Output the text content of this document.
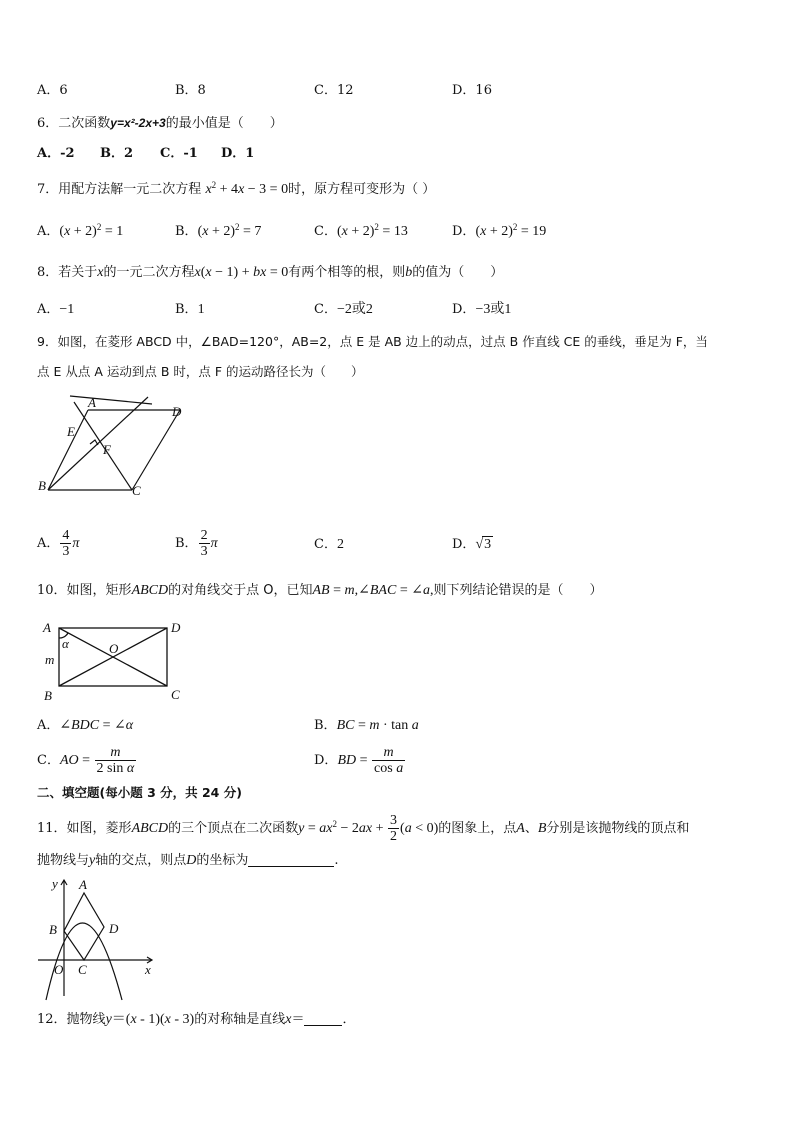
A．6	B．8	C．12	D．16
6．二次函数y=x²-2x+3的最小值是（　　）
A．-2 B．2 C．-1 D．1
7．用配方法解一元二次方程 $x^2 + 4x - 3 = 0$时，原方程可变形为（ ）
A．$(x + 2)^2 = 1$	B．$(x + 2)^2 = 7$	C．$(x + 2)^2 = 13$	D．$(x + 2)^2 = 19$
8．若关于x的一元二次方程x(x − 1) + bx = 0有两个相等的根，则b的值为（　　）
A．−1	B．1	C．−2或2	D．−3或1
9．如图，在菱形 ABCD 中，∠BAD=120°，AB=2，点 E 是 AB 边上的动点，过点 B 作直线 CE 的垂线，垂足为 F，当
点 E 从点 A 运动到点 B 时，点 F 的运动路径长为（　　）
A
D
E
F
B	C
A． $\frac{4}{3}$ π	B． $\frac{2}{3}$ π	C．2	D．√3
10．如图，矩形ABCD的对角线交于点 O，已知AB = m,∠BAC = ∠a,则下列结论错误的是（　　）
A	D
α	O
m
B	C
A．∠BDC = ∠α	B．BC = m · tan a
C．AO = $\frac{m}{\text{2 sin α}}$	D．BD = $\frac{m}{\text{cos a}}$
二、填空题(每小题 3 分，共 24 分)
11．如图，菱形ABCD的三个顶点在二次函数$y = ax^2 - 2ax + \frac{3}{2} (a < 0)$的图象上，点A、B分别是该抛物线的顶点和
抛物线与y轴的交点，则点D的坐标为	.
y A
B	D
O C	x
12．抛物线y＝(x - 1)(x - 3)的对称轴是直线x＝	．
